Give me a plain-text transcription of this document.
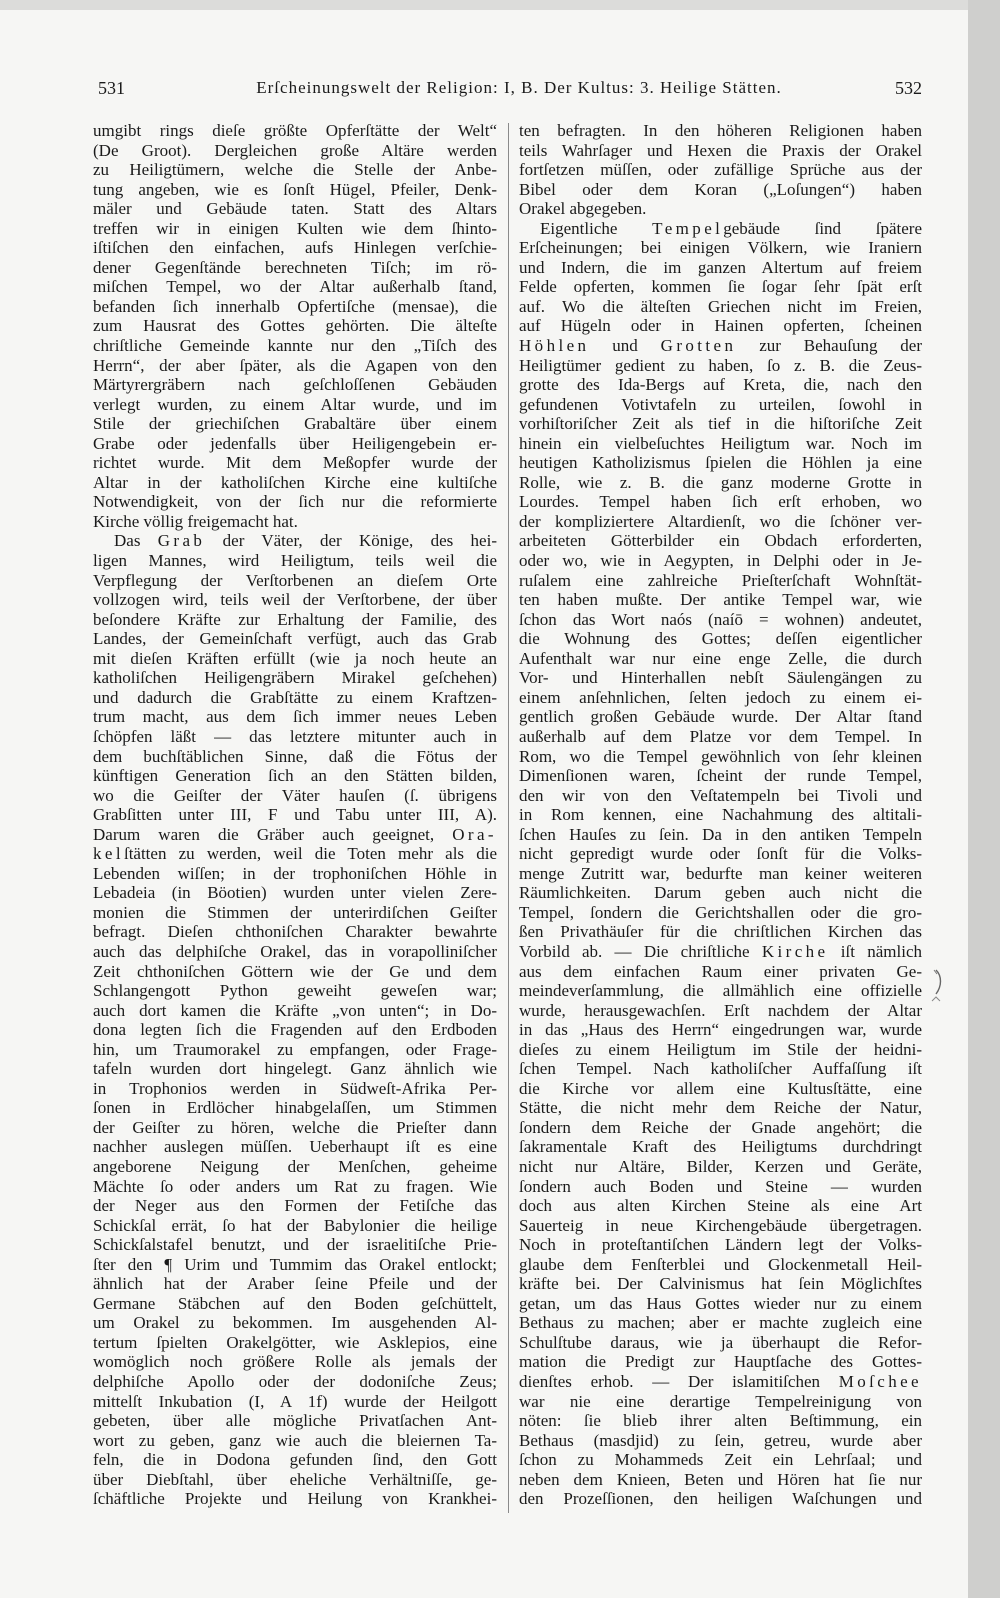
531	Erſcheinungswelt der Religion: I, B. Der Kultus: 3. Heilige Stätten.	532
umgibt rings dieſe größte Opferſtätte der Welt“
(De Groot). Dergleichen große Altäre werden
zu Heiligtümern, welche die Stelle der Anbe-
tung angeben, wie es ſonſt Hügel, Pfeiler, Denk-
mäler und Gebäude taten. Statt des Altars
treffen wir in einigen Kulten wie dem ſhinto-
iſtiſchen den einfachen, aufs Hinlegen verſchie-
dener Gegenſtände berechneten Tiſch; im rö-
miſchen Tempel, wo der Altar außerhalb ſtand,
befanden ſich innerhalb Opfertiſche (mensae), die
zum Hausrat des Gottes gehörten. Die älteſte
chriſtliche Gemeinde kannte nur den „Tiſch des
Herrn“, der aber ſpäter, als die Agapen von den
Märtyrergräbern nach geſchloſſenen Gebäuden
verlegt wurden, zu einem Altar wurde, und im
Stile der griechiſchen Grabaltäre über einem
Grabe oder jedenfalls über Heiligengebein er-
richtet wurde. Mit dem Meßopfer wurde der
Altar in der katholiſchen Kirche eine kultiſche
Notwendigkeit, von der ſich nur die reformierte
Kirche völlig freigemacht hat.
Das Grab der Väter, der Könige, des hei-
ligen Mannes, wird Heiligtum, teils weil die
Verpflegung der Verſtorbenen an dieſem Orte
vollzogen wird, teils weil der Verſtorbene, der über
beſondere Kräfte zur Erhaltung der Familie, des
Landes, der Gemeinſchaft verfügt, auch das Grab
mit dieſen Kräften erfüllt (wie ja noch heute an
katholiſchen Heiligengräbern Mirakel geſchehen)
und dadurch die Grabſtätte zu einem Kraftzen-
trum macht, aus dem ſich immer neues Leben
ſchöpfen läßt — das letztere mitunter auch in
dem buchſtäblichen Sinne, daß die Fötus der
künftigen Generation ſich an den Stätten bilden,
wo die Geiſter der Väter hauſen (ſ. übrigens
Grabſitten unter III, F und Tabu unter III, A).
Darum waren die Gräber auch geeignet, Ora-
kelſtätten zu werden, weil die Toten mehr als die
Lebenden wiſſen; in der trophoniſchen Höhle in
Lebadeia (in Böotien) wurden unter vielen Zere-
monien die Stimmen der unterirdiſchen Geiſter
befragt. Dieſen chthoniſchen Charakter bewahrte
auch das delphiſche Orakel, das in vorapolliniſcher
Zeit chthoniſchen Göttern wie der Ge und dem
Schlangengott Python geweiht geweſen war;
auch dort kamen die Kräfte „von unten“; in Do-
dona legten ſich die Fragenden auf den Erdboden
hin, um Traumorakel zu empfangen, oder Frage-
tafeln wurden dort hingelegt. Ganz ähnlich wie
in Trophonios werden in Südweſt-Afrika Per-
ſonen in Erdlöcher hinabgelaſſen, um Stimmen
der Geiſter zu hören, welche die Prieſter dann
nachher auslegen müſſen. Ueberhaupt iſt es eine
angeborene Neigung der Menſchen, geheime
Mächte ſo oder anders um Rat zu fragen. Wie
der Neger aus den Formen der Fetiſche das
Schickſal errät, ſo hat der Babylonier die heilige
Schickſalstafel benutzt, und der israelitiſche Prie-
ſter den ¶ Urim und Tummim das Orakel entlockt;
ähnlich hat der Araber ſeine Pfeile und der
Germane Stäbchen auf den Boden geſchüttelt,
um Orakel zu bekommen. Im ausgehenden Al-
tertum ſpielten Orakelgötter, wie Asklepios, eine
womöglich noch größere Rolle als jemals der
delphiſche Apollo oder der dodoniſche Zeus;
mittelſt Inkubation (I, A 1f) wurde der Heilgott
gebeten, über alle mögliche Privatſachen Ant-
wort zu geben, ganz wie auch die bleiernen Ta-
feln, die in Dodona gefunden ſind, den Gott
über Diebſtahl, über eheliche Verhältniſſe, ge-
ſchäftliche Projekte und Heilung von Krankhei-
ten befragten. In den höheren Religionen haben
teils Wahrſager und Hexen die Praxis der Orakel
fortſetzen müſſen, oder zufällige Sprüche aus der
Bibel oder dem Koran („Loſungen“) haben
Orakel abgegeben.
Eigentliche Tempelgebäude ſind ſpätere
Erſcheinungen; bei einigen Völkern, wie Iraniern
und Indern, die im ganzen Altertum auf freiem
Felde opferten, kommen ſie ſogar ſehr ſpät erſt
auf. Wo die älteſten Griechen nicht im Freien,
auf Hügeln oder in Hainen opferten, ſcheinen
Höhlen und Grotten zur Behauſung der
Heiligtümer gedient zu haben, ſo z. B. die Zeus-
grotte des Ida-Bergs auf Kreta, die, nach den
gefundenen Votivtafeln zu urteilen, ſowohl in
vorhiſtoriſcher Zeit als tief in die hiſtoriſche Zeit
hinein ein vielbeſuchtes Heiligtum war. Noch im
heutigen Katholizismus ſpielen die Höhlen ja eine
Rolle, wie z. B. die ganz moderne Grotte in
Lourdes. Tempel haben ſich erſt erhoben, wo
der kompliziertere Altardienſt, wo die ſchöner ver-
arbeiteten Götterbilder ein Obdach erforderten,
oder wo, wie in Aegypten, in Delphi oder in Je-
ruſalem eine zahlreiche Prieſterſchaft Wohnſtät-
ten haben mußte. Der antike Tempel war, wie
ſchon das Wort naós (naíō = wohnen) andeutet,
die Wohnung des Gottes; deſſen eigentlicher
Aufenthalt war nur eine enge Zelle, die durch
Vor- und Hinterhallen nebſt Säulengängen zu
einem anſehnlichen, ſelten jedoch zu einem ei-
gentlich großen Gebäude wurde. Der Altar ſtand
außerhalb auf dem Platze vor dem Tempel. In
Rom, wo die Tempel gewöhnlich von ſehr kleinen
Dimenſionen waren, ſcheint der runde Tempel,
den wir von den Veſtatempeln bei Tivoli und
in Rom kennen, eine Nachahmung des altitali-
ſchen Hauſes zu ſein. Da in den antiken Tempeln
nicht gepredigt wurde oder ſonſt für die Volks-
menge Zutritt war, bedurfte man keiner weiteren
Räumlichkeiten. Darum geben auch nicht die
Tempel, ſondern die Gerichtshallen oder die gro-
ßen Privathäuſer für die chriſtlichen Kirchen das
Vorbild ab. — Die chriſtliche Kirche iſt nämlich
aus dem einfachen Raum einer privaten Ge-
meindeverſammlung, die allmählich eine offizielle
wurde, herausgewachſen. Erſt nachdem der Altar
in das „Haus des Herrn“ eingedrungen war, wurde
dieſes zu einem Heiligtum im Stile der heidni-
ſchen Tempel. Nach katholiſcher Auffaſſung iſt
die Kirche vor allem eine Kultusſtätte, eine
Stätte, die nicht mehr dem Reiche der Natur,
ſondern dem Reiche der Gnade angehört; die
ſakramentale Kraft des Heiligtums durchdringt
nicht nur Altäre, Bilder, Kerzen und Geräte,
ſondern auch Boden und Steine — wurden
doch aus alten Kirchen Steine als eine Art
Sauerteig in neue Kirchengebäude übergetragen.
Noch in proteſtantiſchen Ländern legt der Volks-
glaube dem Fenſterblei und Glockenmetall Heil-
kräfte bei. Der Calvinismus hat ſein Möglichſtes
getan, um das Haus Gottes wieder nur zu einem
Bethaus zu machen; aber er machte zugleich eine
Schulſtube daraus, wie ja überhaupt die Refor-
mation die Predigt zur Hauptſache des Gottes-
dienſtes erhob. — Der islamitiſchen Moſchee
war nie eine derartige Tempelreinigung von
nöten: ſie blieb ihrer alten Beſtimmung, ein
Bethaus (masdjid) zu ſein, getreu, wurde aber
ſchon zu Mohammeds Zeit ein Lehrſaal; und
neben dem Knieen, Beten und Hören hat ſie nur
den Prozeſſionen, den heiligen Waſchungen und
